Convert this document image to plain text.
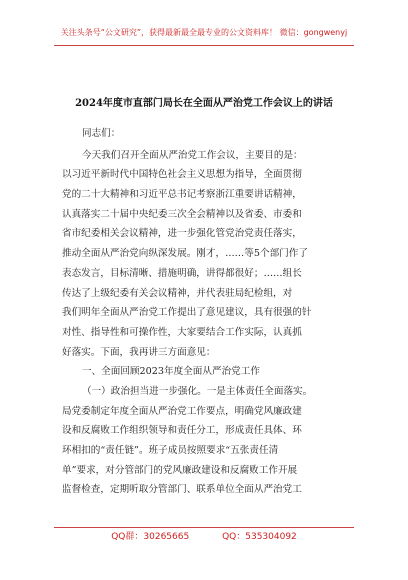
关注头条号“公文研究”，获得最新最全最专业的公文资料库！ 微信：gongwenyj
2024年度市直部门局长在全面从严治党工作会议上的讲话
同志们：
今天我们召开全面从严治党工作会议，主要目的是：
以习近平新时代中国特色社会主义思想为指导，全面贯彻
党的二十大精神和习近平总书记考察浙江重要讲话精神，
认真落实二十届中央纪委三次全会精神以及省委、市委和
省市纪委相关会议精神，进一步强化管党治党责任落实，
推动全面从严治党向纵深发展。刚才，……等5个部门作了
表态发言，目标清晰、措施明确，讲得都很好；……组长
传达了上级纪委有关会议精神，并代表驻局纪检组，对
我们明年全面从严治党工作提出了意见建议，具有很强的针
对性、指导性和可操作性，大家要结合工作实际，认真抓
好落实。下面，我再讲三方面意见：
一、全面回顾2023年度全面从严治党工作
（一）政治担当进一步强化。一是主体责任全面落实。
局党委制定年度全面从严治党工作要点，明确党风廉政建
设和反腐败工作组织领导和责任分工，形成责任具体、环
环相扣的“责任链”。班子成员按照要求“五张责任清
单”要求，对分管部门的党风廉政建设和反腐败工作开展
监督检查，定期听取分管部门、联系单位全面从严治党工
QQ群：30265665	QQ：535304092
